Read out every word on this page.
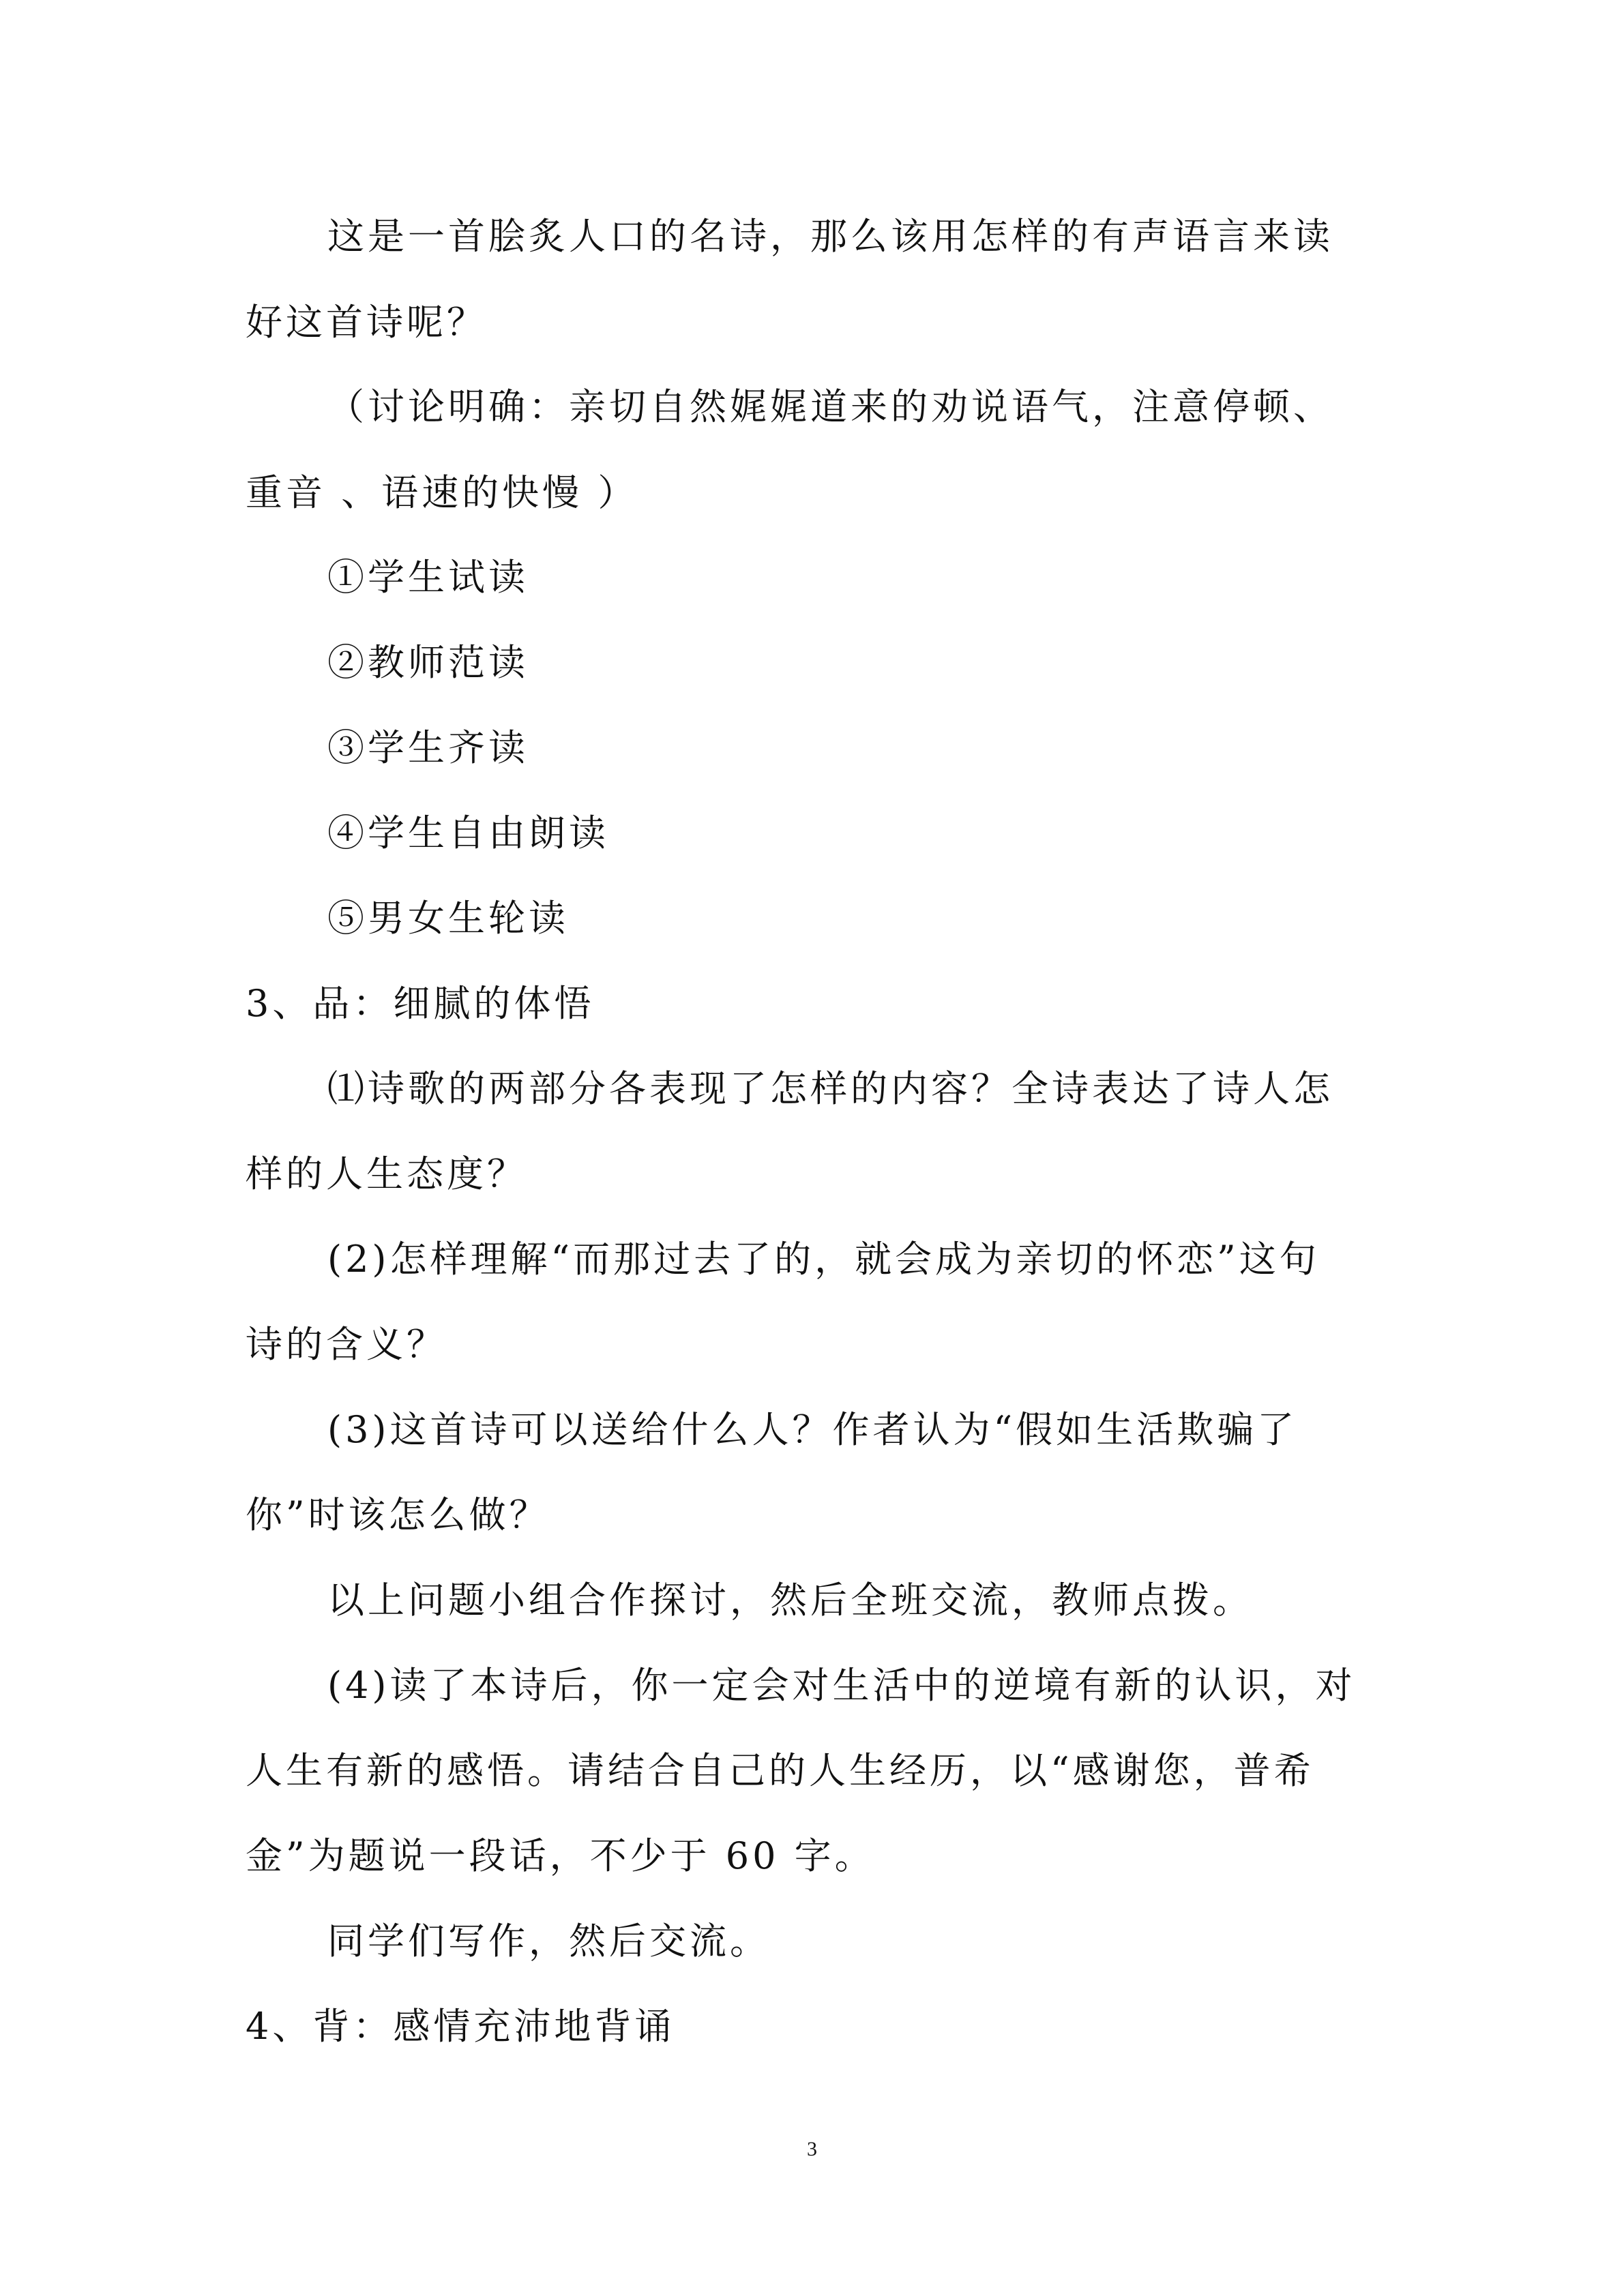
这是一首脍炙人口的名诗，那么该用怎样的有声语言来读
好这首诗呢？
（讨论明确：亲切自然娓娓道来的劝说语气，注意停顿、
重音 、语速的快慢 ）
①学生试读
②教师范读
③学生齐读
④学生自由朗读
⑤男女生轮读
3、品：细腻的体悟
⑴诗歌的两部分各表现了怎样的内容？全诗表达了诗人怎
样的人生态度？
(2)怎样理解“而那过去了的，就会成为亲切的怀恋”这句
诗的含义？
(3)这首诗可以送给什么人？作者认为“假如生活欺骗了
你”时该怎么做？
以上问题小组合作探讨，然后全班交流，教师点拨。
(4)读了本诗后，你一定会对生活中的逆境有新的认识，对
人生有新的感悟。请结合自己的人生经历，以“感谢您，普希
金”为题说一段话，不少于 60 字。
同学们写作，然后交流。
4、背：感情充沛地背诵
3
